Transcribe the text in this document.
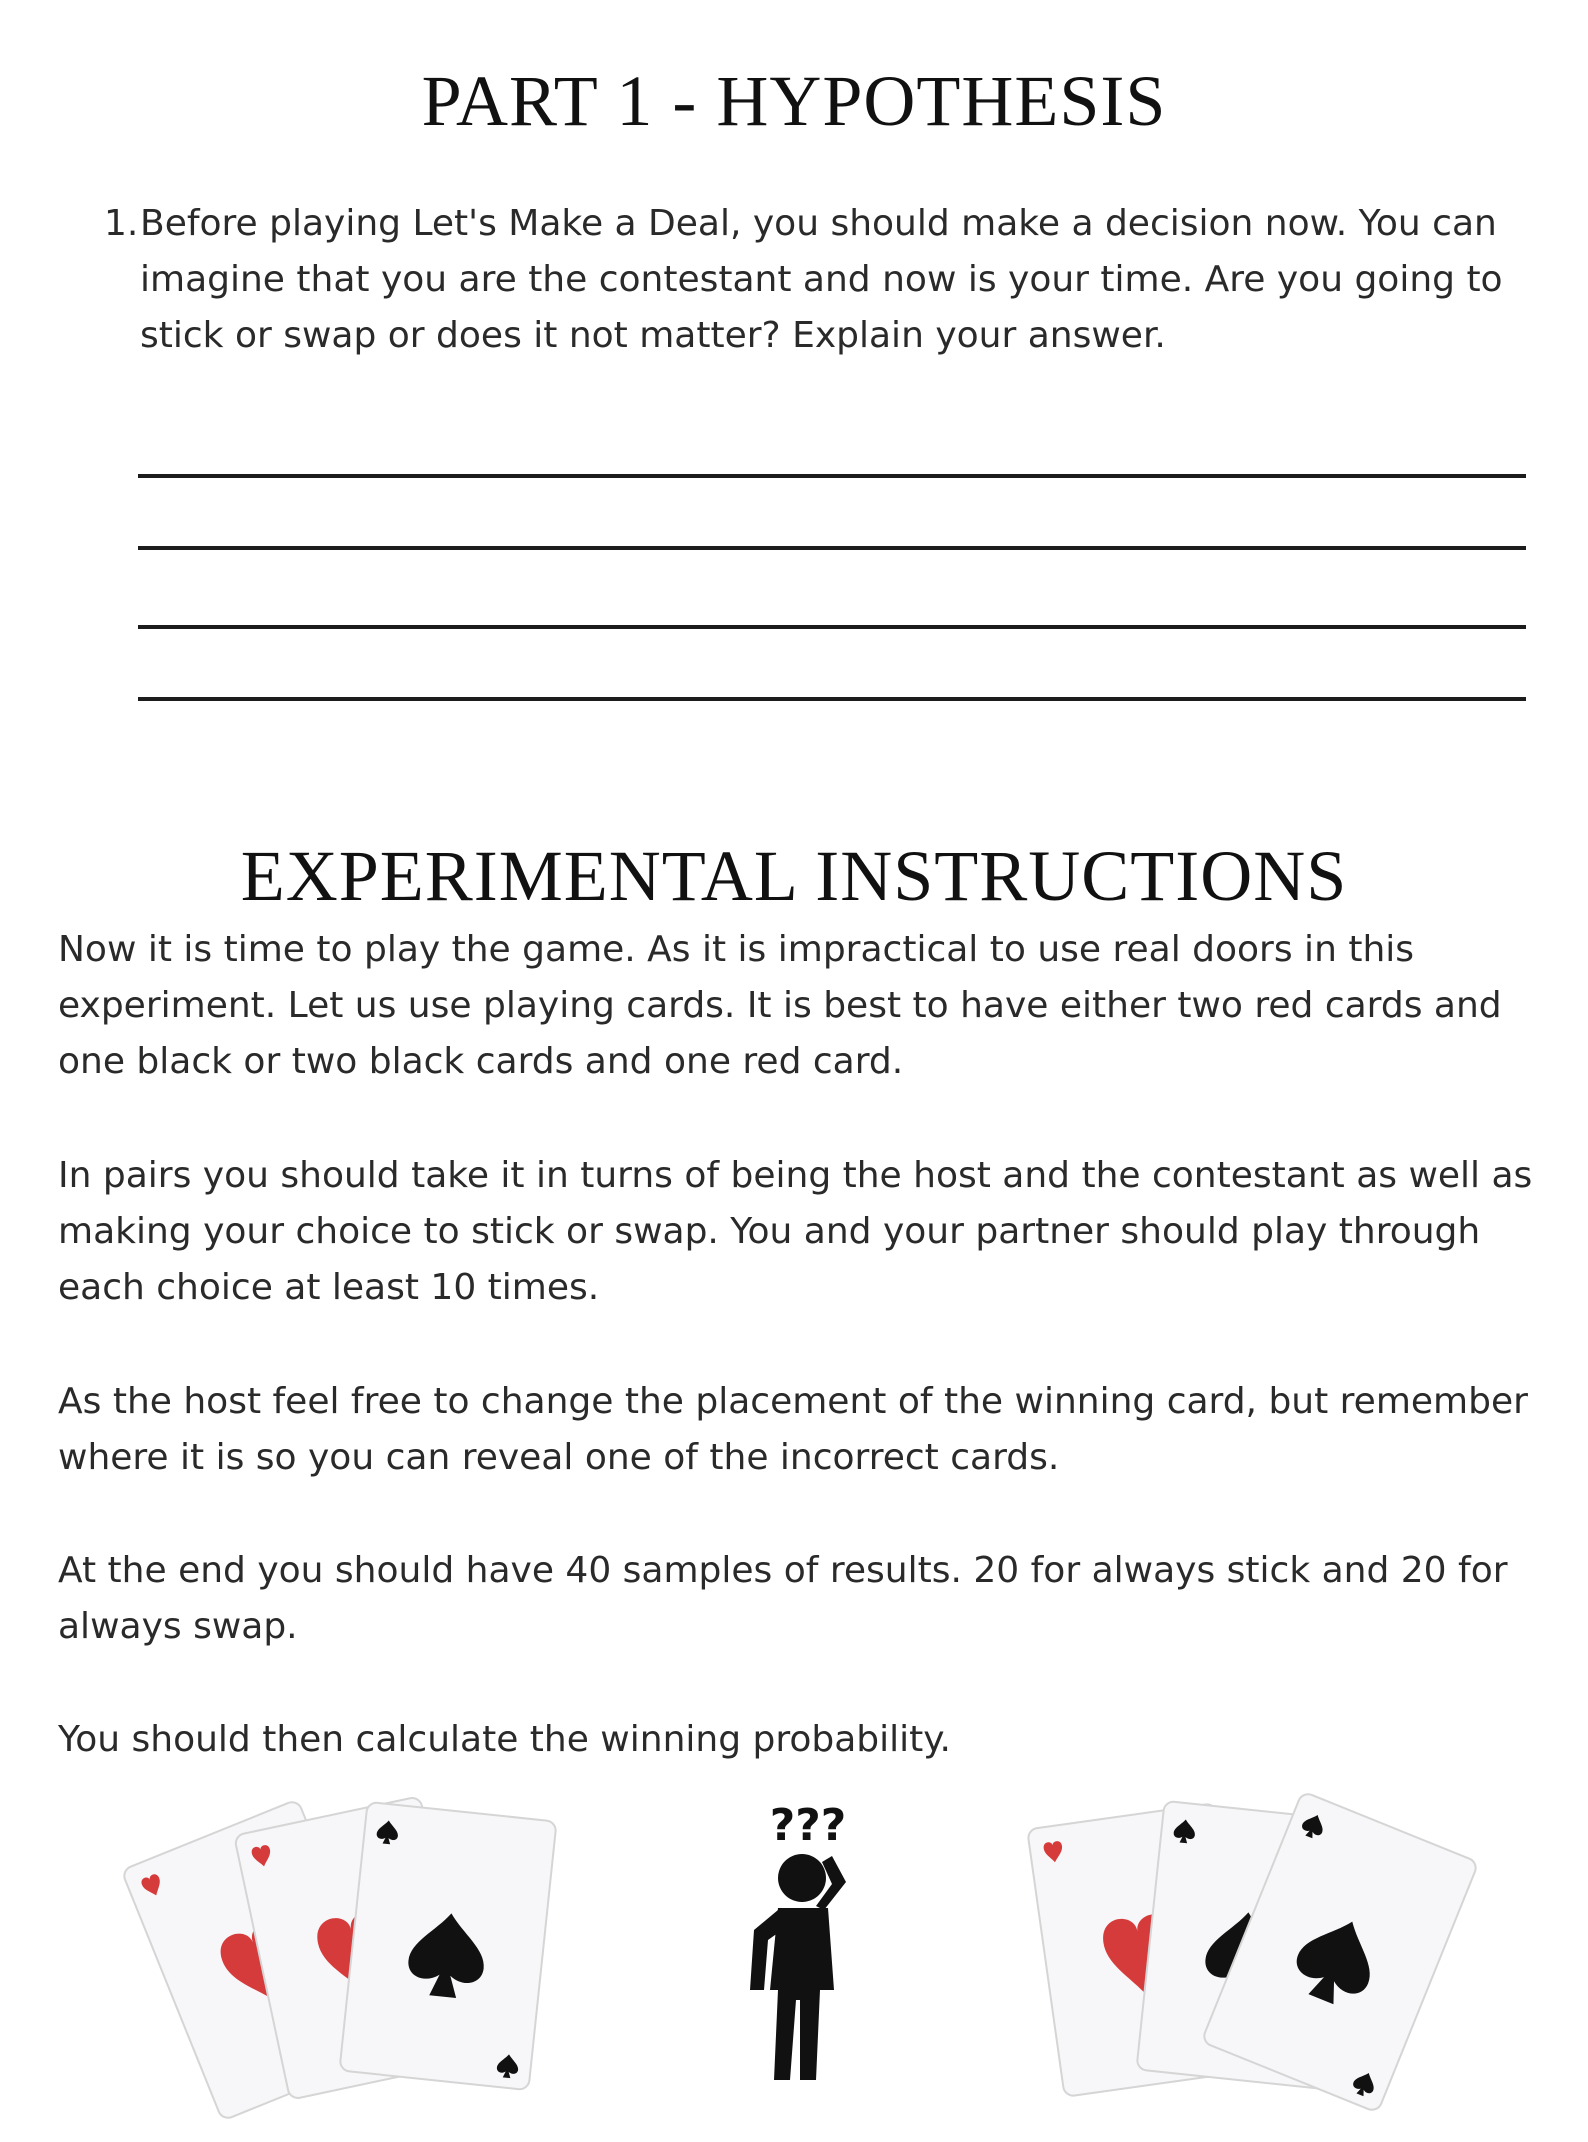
PART 1 - HYPOTHESIS
1. Before playing Let's Make a Deal, you should make a decision now. You can imagine that you are the contestant and now is your time. Are you going to stick or swap or does it not matter? Explain your answer.

EXPERIMENTAL INSTRUCTIONS

Now it is time to play the game. As it is impractical to use real doors in this experiment. Let us use playing cards. It is best to have either two red cards and one black or two black cards and one red card.

In pairs you should take it in turns of being the host and the contestant as well as making your choice to stick or swap. You and your partner should play through each choice at least 10 times.

As the host feel free to change the placement of the winning card, but remember where it is so you can reveal one of the incorrect cards.

At the end you should have 40 samples of results. 20 for always stick and 20 for always swap.

You should then calculate the winning probability.

???
